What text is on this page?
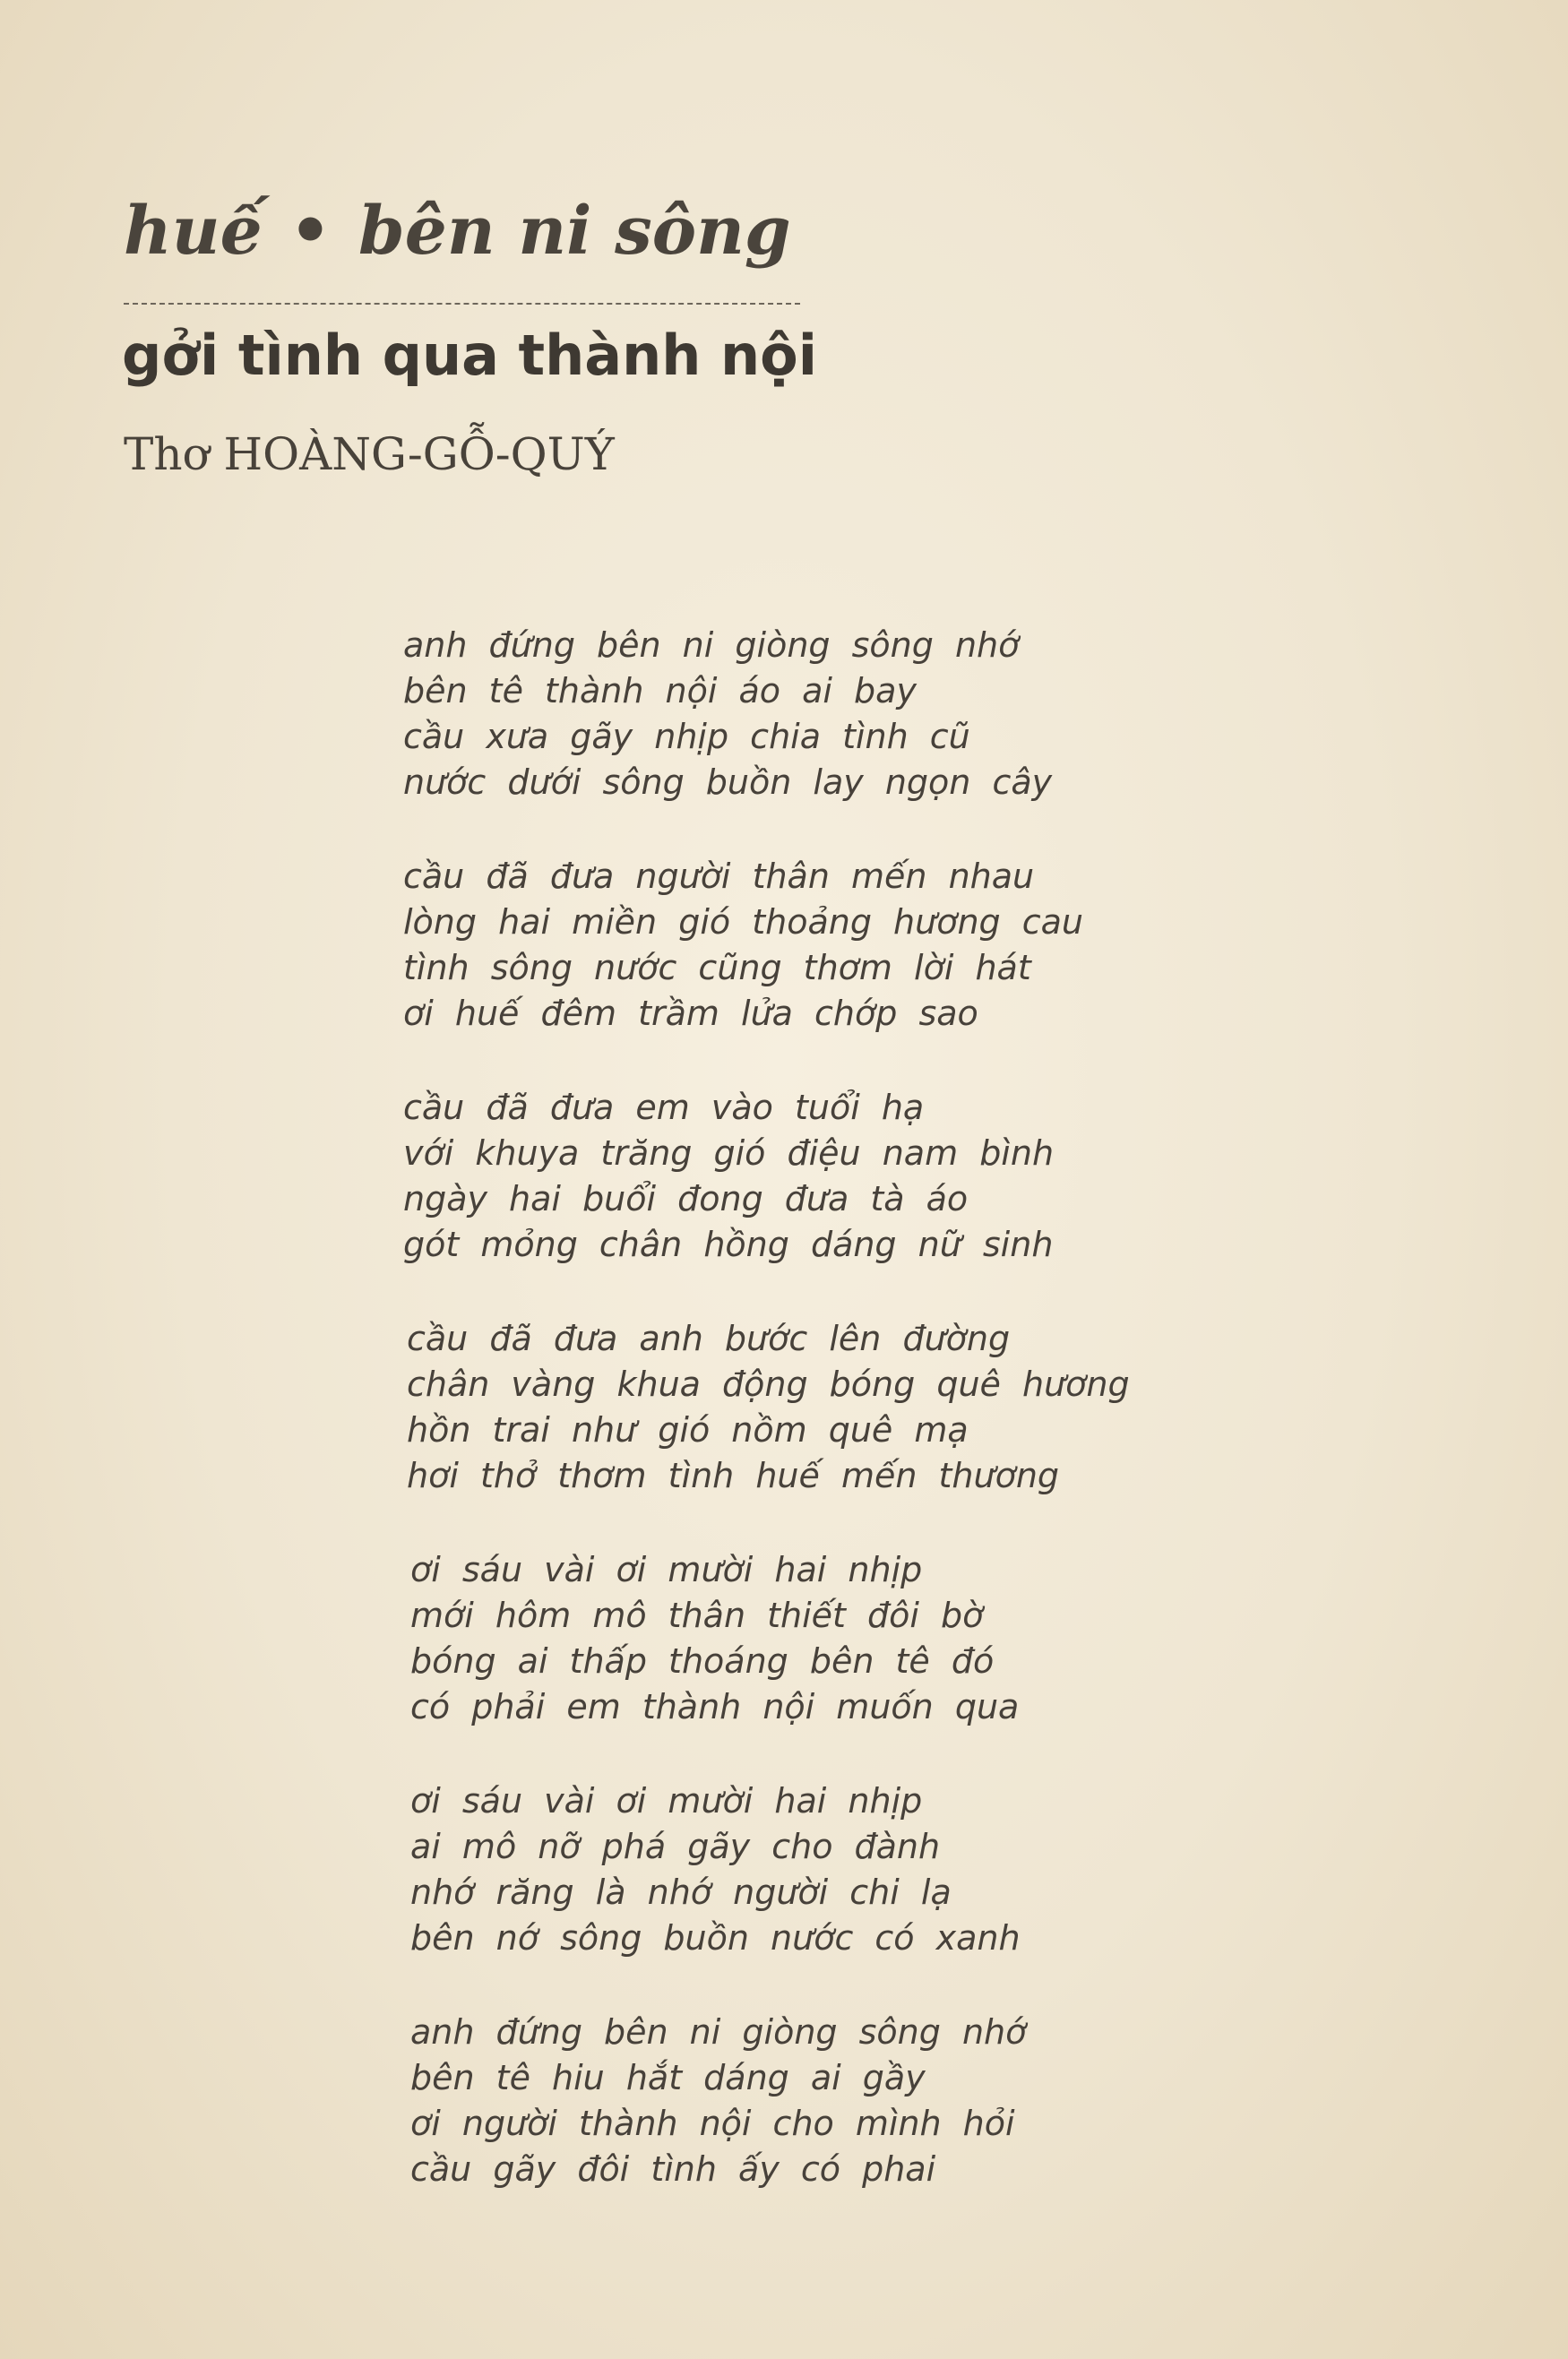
huế • bên ni sông
gởi tình qua thành nội
Thơ HOÀNG-GỖ-QUÝ
anh đứng bên ni giòng sông nhớ
bên tê thành nội áo ai bay
cầu xưa gãy nhịp chia tình cũ
nước dưới sông buồn lay ngọn cây
cầu đã đưa người thân mến nhau
lòng hai miền gió thoảng hương cau
tình sông nước cũng thơm lời hát
ơi huế đêm trầm lửa chớp sao
cầu đã đưa em vào tuổi hạ
với khuya trăng gió điệu nam bình
ngày hai buổi đong đưa tà áo
gót mỏng chân hồng dáng nữ sinh
cầu đã đưa anh bước lên đường
chân vàng khua động bóng quê hương
hồn trai như gió nồm quê mạ
hơi thở thơm tình huế mến thương
ơi sáu vài ơi mười hai nhịp
mới hôm mô thân thiết đôi bờ
bóng ai thấp thoáng bên tê đó
có phải em thành nội muốn qua
ơi sáu vài ơi mười hai nhịp
ai mô nỡ phá gãy cho đành
nhớ răng là nhớ người chi lạ
bên nớ sông buồn nước có xanh
anh đứng bên ni giòng sông nhớ
bên tê hiu hắt dáng ai gầy
ơi người thành nội cho mình hỏi
cầu gãy đôi tình ấy có phai
